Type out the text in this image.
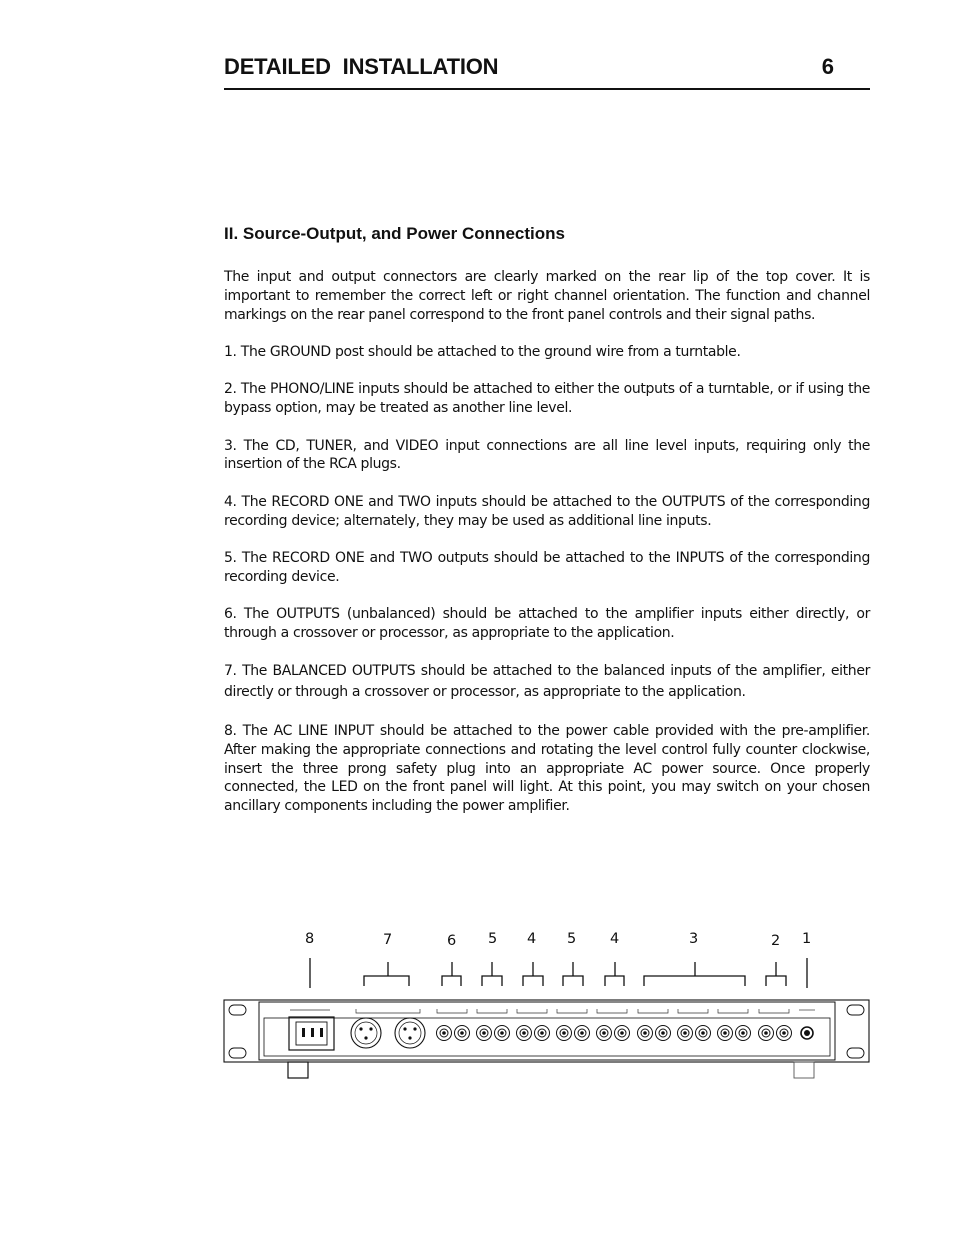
DETAILED INSTALLATION	6
II. Source-Output, and Power Connections

The input and output connectors are clearly marked on the rear lip of the top cover. It is important to remember the correct left or right channel orientation. The function and channel markings on the rear panel correspond to the front panel controls and their signal paths.

1. The GROUND post should be attached to the ground wire from a turntable.

2. The PHONO/LINE inputs should be attached to either the outputs of a turntable, or if using the bypass option, may be treated as another line level.

3. The CD, TUNER, and VIDEO input connections are all line level inputs, requiring only the insertion of the RCA plugs.

4. The RECORD ONE and TWO inputs should be attached to the OUTPUTS of the corresponding recording device; alternately, they may be used as additional line inputs.

5. The RECORD ONE and TWO outputs should be attached to the INPUTS of the corresponding recording device.

6. The OUTPUTS (unbalanced) should be attached to the amplifier inputs either directly, or through a crossover or processor, as appropriate to the application.

7. The BALANCED OUTPUTS should be attached to the balanced inputs of the amplifier, either directly or through a crossover or processor, as appropriate to the application.

8. The AC LINE INPUT should be attached to the power cable provided with the pre-amplifier. After making the appropriate connections and rotating the level control fully counter clockwise, insert the three prong safety plug into an appropriate AC power source. Once properly connected, the LED on the front panel will light. At this point, you may switch on your chosen ancillary components including the power amplifier.

8	7	6 5 4 5 4	3	2 1
